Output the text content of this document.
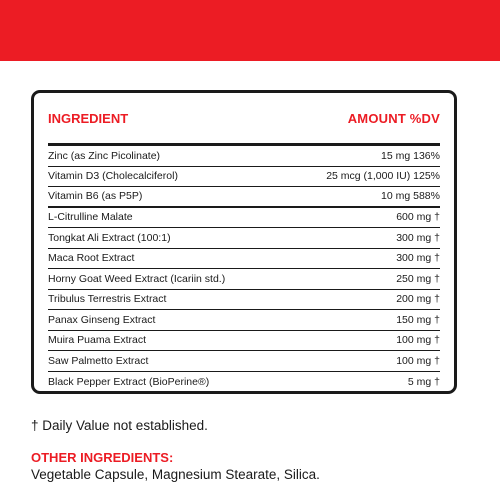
INGREDIENT	AMOUNT %DV
Zinc (as Zinc Picolinate)	15 mg 136%
Vitamin D3 (Cholecalciferol)	25 mcg (1,000 IU) 125%
Vitamin B6 (as P5P)	10 mg 588%
L-Citrulline Malate	600 mg †
Tongkat Ali Extract (100:1)	300 mg †
Maca Root Extract	300 mg †
Horny Goat Weed Extract (Icariin std.)	250 mg †
Tribulus Terrestris Extract	200 mg †
Panax Ginseng Extract	150 mg †
Muira Puama Extract	100 mg †
Saw Palmetto Extract	100 mg †
Black Pepper Extract (BioPerine®)	5 mg †
† Daily Value not established.
OTHER INGREDIENTS:
Vegetable Capsule, Magnesium Stearate, Silica.
